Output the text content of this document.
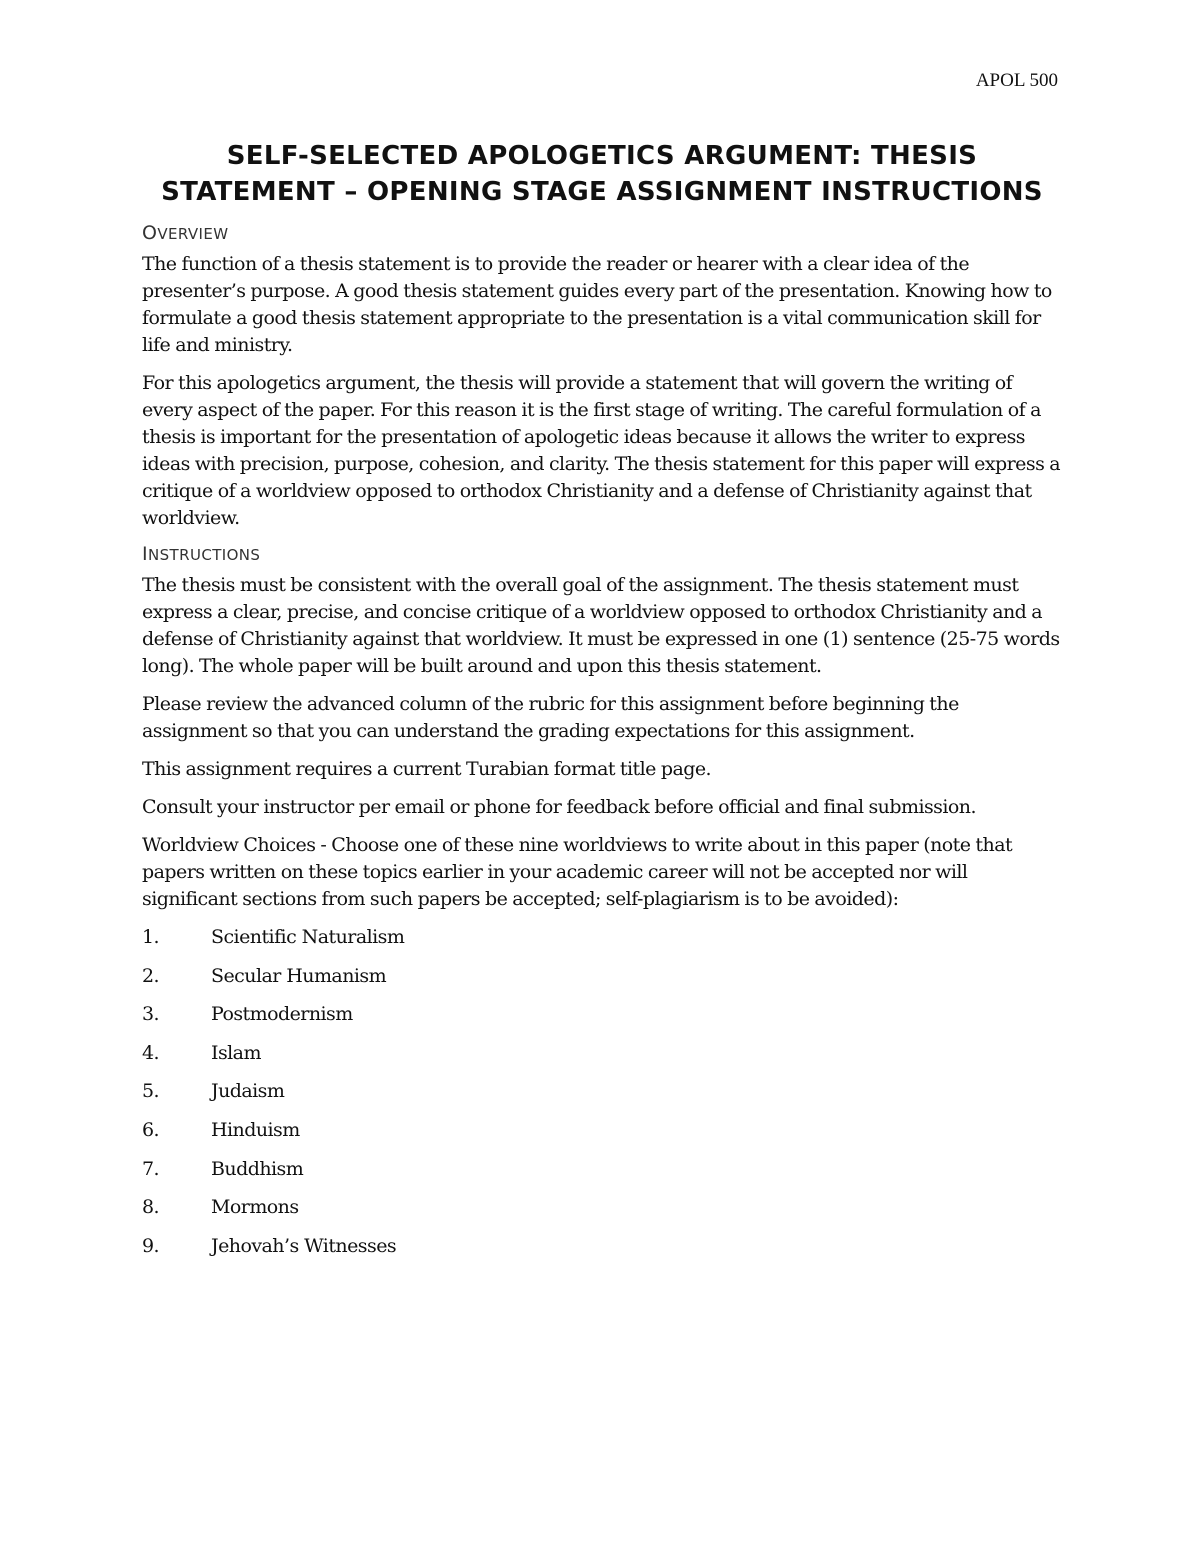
APOL 500
SELF-SELECTED APOLOGETICS ARGUMENT: THESIS STATEMENT – OPENING STAGE ASSIGNMENT INSTRUCTIONS
OVERVIEW

The function of a thesis statement is to provide the reader or hearer with a clear idea of the presenter’s purpose. A good thesis statement guides every part of the presentation. Knowing how to formulate a good thesis statement appropriate to the presentation is a vital communication skill for life and ministry.

For this apologetics argument, the thesis will provide a statement that will govern the writing of every aspect of the paper. For this reason it is the first stage of writing. The careful formulation of a thesis is important for the presentation of apologetic ideas because it allows the writer to express ideas with precision, purpose, cohesion, and clarity. The thesis statement for this paper will express a critique of a worldview opposed to orthodox Christianity and a defense of Christianity against that worldview.

INSTRUCTIONS

The thesis must be consistent with the overall goal of the assignment. The thesis statement must express a clear, precise, and concise critique of a worldview opposed to orthodox Christianity and a defense of Christianity against that worldview. It must be expressed in one (1) sentence (25-75 words long). The whole paper will be built around and upon this thesis statement.

Please review the advanced column of the rubric for this assignment before beginning the assignment so that you can understand the grading expectations for this assignment.

This assignment requires a current Turabian format title page.

Consult your instructor per email or phone for feedback before official and final submission.

Worldview Choices - Choose one of these nine worldviews to write about in this paper (note that papers written on these topics earlier in your academic career will not be accepted nor will significant sections from such papers be accepted; self-plagiarism is to be avoided):

1.	Scientific Naturalism
2.	Secular Humanism
3.	Postmodernism
4.	Islam
5.	Judaism
6.	Hinduism
7.	Buddhism
8.	Mormons
9.	Jehovah’s Witnesses
